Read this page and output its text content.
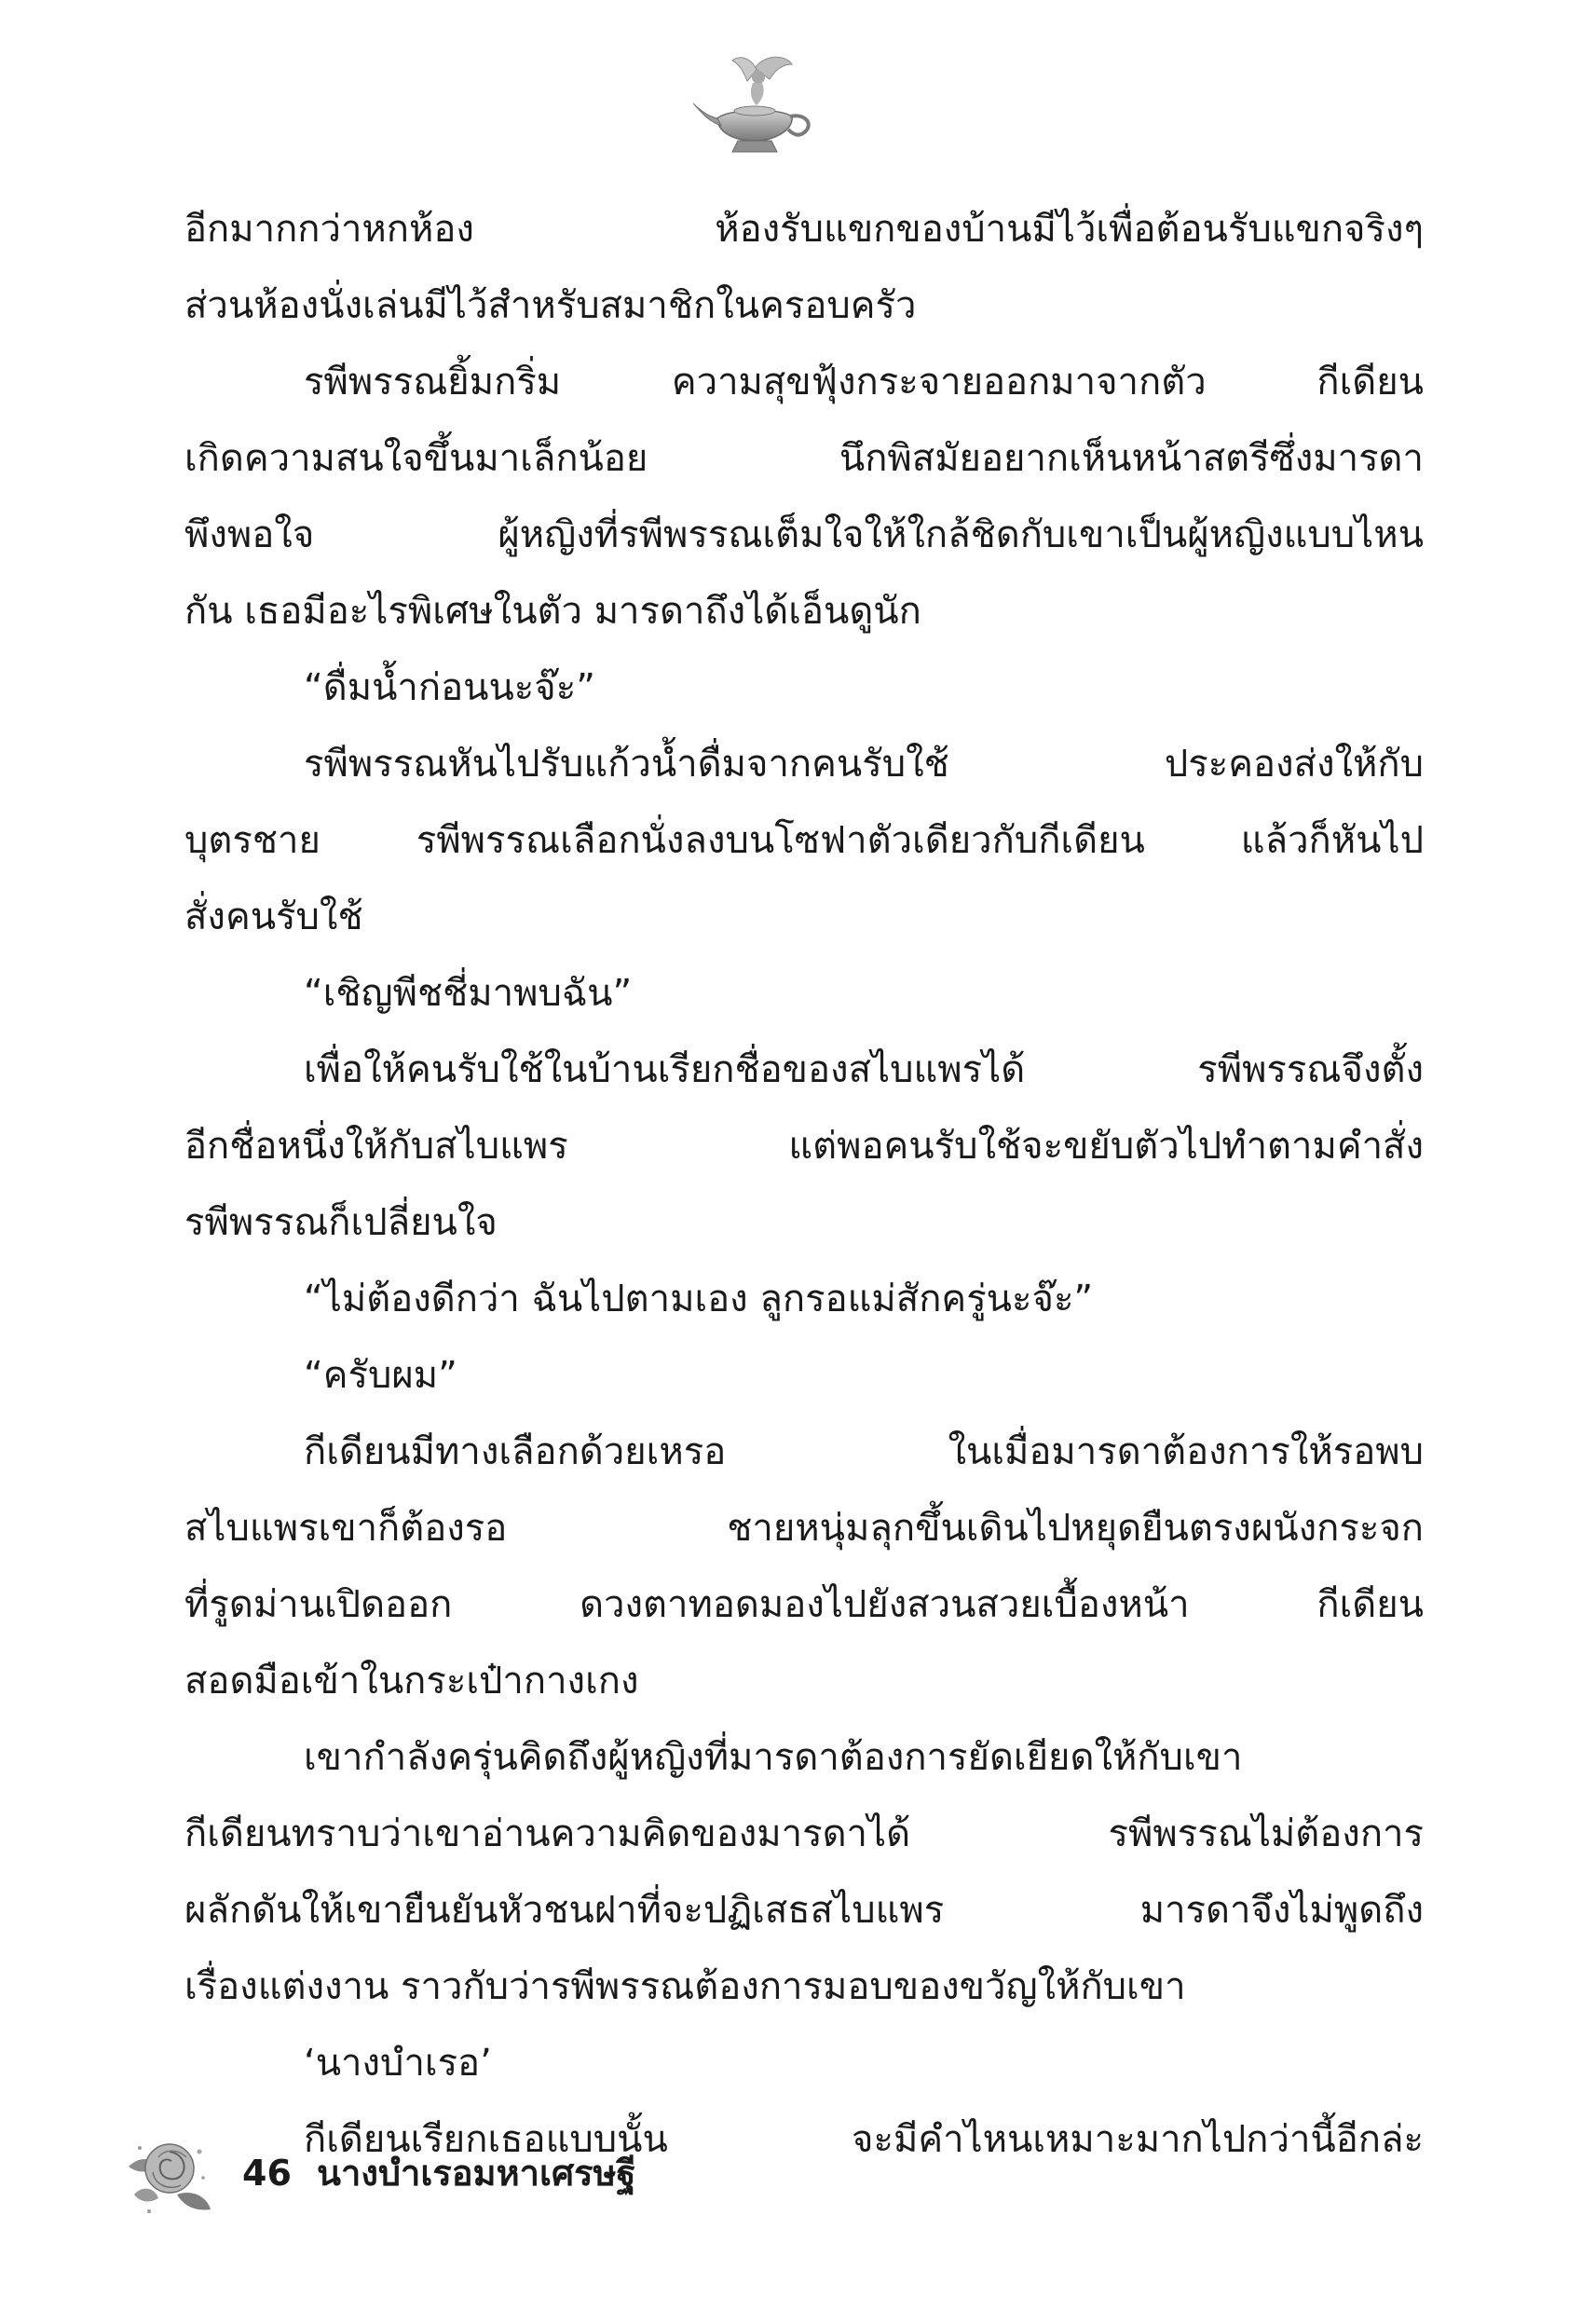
อีกมากกว่าหกห้อง ห้องรับแขกของบ้านมีไว้เพื่อต้อนรับแขกจริงๆ
ส่วนห้องนั่งเล่นมีไว้สำหรับสมาชิกในครอบครัว
รพีพรรณยิ้มกริ่ม ความสุขฟุ้งกระจายออกมาจากตัว กีเดียน
เกิดความสนใจขึ้นมาเล็กน้อย นึกพิสมัยอยากเห็นหน้าสตรีซึ่งมารดา
พึงพอใจ ผู้หญิงที่รพีพรรณเต็มใจให้ใกล้ชิดกับเขาเป็นผู้หญิงแบบไหน
กัน เธอมีอะไรพิเศษในตัว มารดาถึงได้เอ็นดูนัก
“ดื่มน้ำก่อนนะจ๊ะ”
รพีพรรณหันไปรับแก้วน้ำดื่มจากคนรับใช้ ประคองส่งให้กับ
บุตรชาย รพีพรรณเลือกนั่งลงบนโซฟาตัวเดียวกับกีเดียน แล้วก็หันไป
สั่งคนรับใช้
“เชิญพีชชี่มาพบฉัน”
เพื่อให้คนรับใช้ในบ้านเรียกชื่อของสไบแพรได้ รพีพรรณจึงตั้ง
อีกชื่อหนึ่งให้กับสไบแพร แต่พอคนรับใช้จะขยับตัวไปทำตามคำสั่ง
รพีพรรณก็เปลี่ยนใจ
“ไม่ต้องดีกว่า ฉันไปตามเอง ลูกรอแม่สักครู่นะจ๊ะ”
“ครับผม”
กีเดียนมีทางเลือกด้วยเหรอ ในเมื่อมารดาต้องการให้รอพบ
สไบแพรเขาก็ต้องรอ ชายหนุ่มลุกขึ้นเดินไปหยุดยืนตรงผนังกระจก
ที่รูดม่านเปิดออก ดวงตาทอดมองไปยังสวนสวยเบื้องหน้า กีเดียน
สอดมือเข้าในกระเป๋ากางเกง
เขากำลังครุ่นคิดถึงผู้หญิงที่มารดาต้องการยัดเยียดให้กับเขา
กีเดียนทราบว่าเขาอ่านความคิดของมารดาได้ รพีพรรณไม่ต้องการ
ผลักดันให้เขายืนยันหัวชนฝาที่จะปฏิเสธสไบแพร มารดาจึงไม่พูดถึง
เรื่องแต่งงาน ราวกับว่ารพีพรรณต้องการมอบของขวัญให้กับเขา
‘นางบำเรอ’
กีเดียนเรียกเธอแบบนั้น จะมีคำไหนเหมาะมากไปกว่านี้อีกล่ะ
46 นางบำเรอมหาเศรษฐี
